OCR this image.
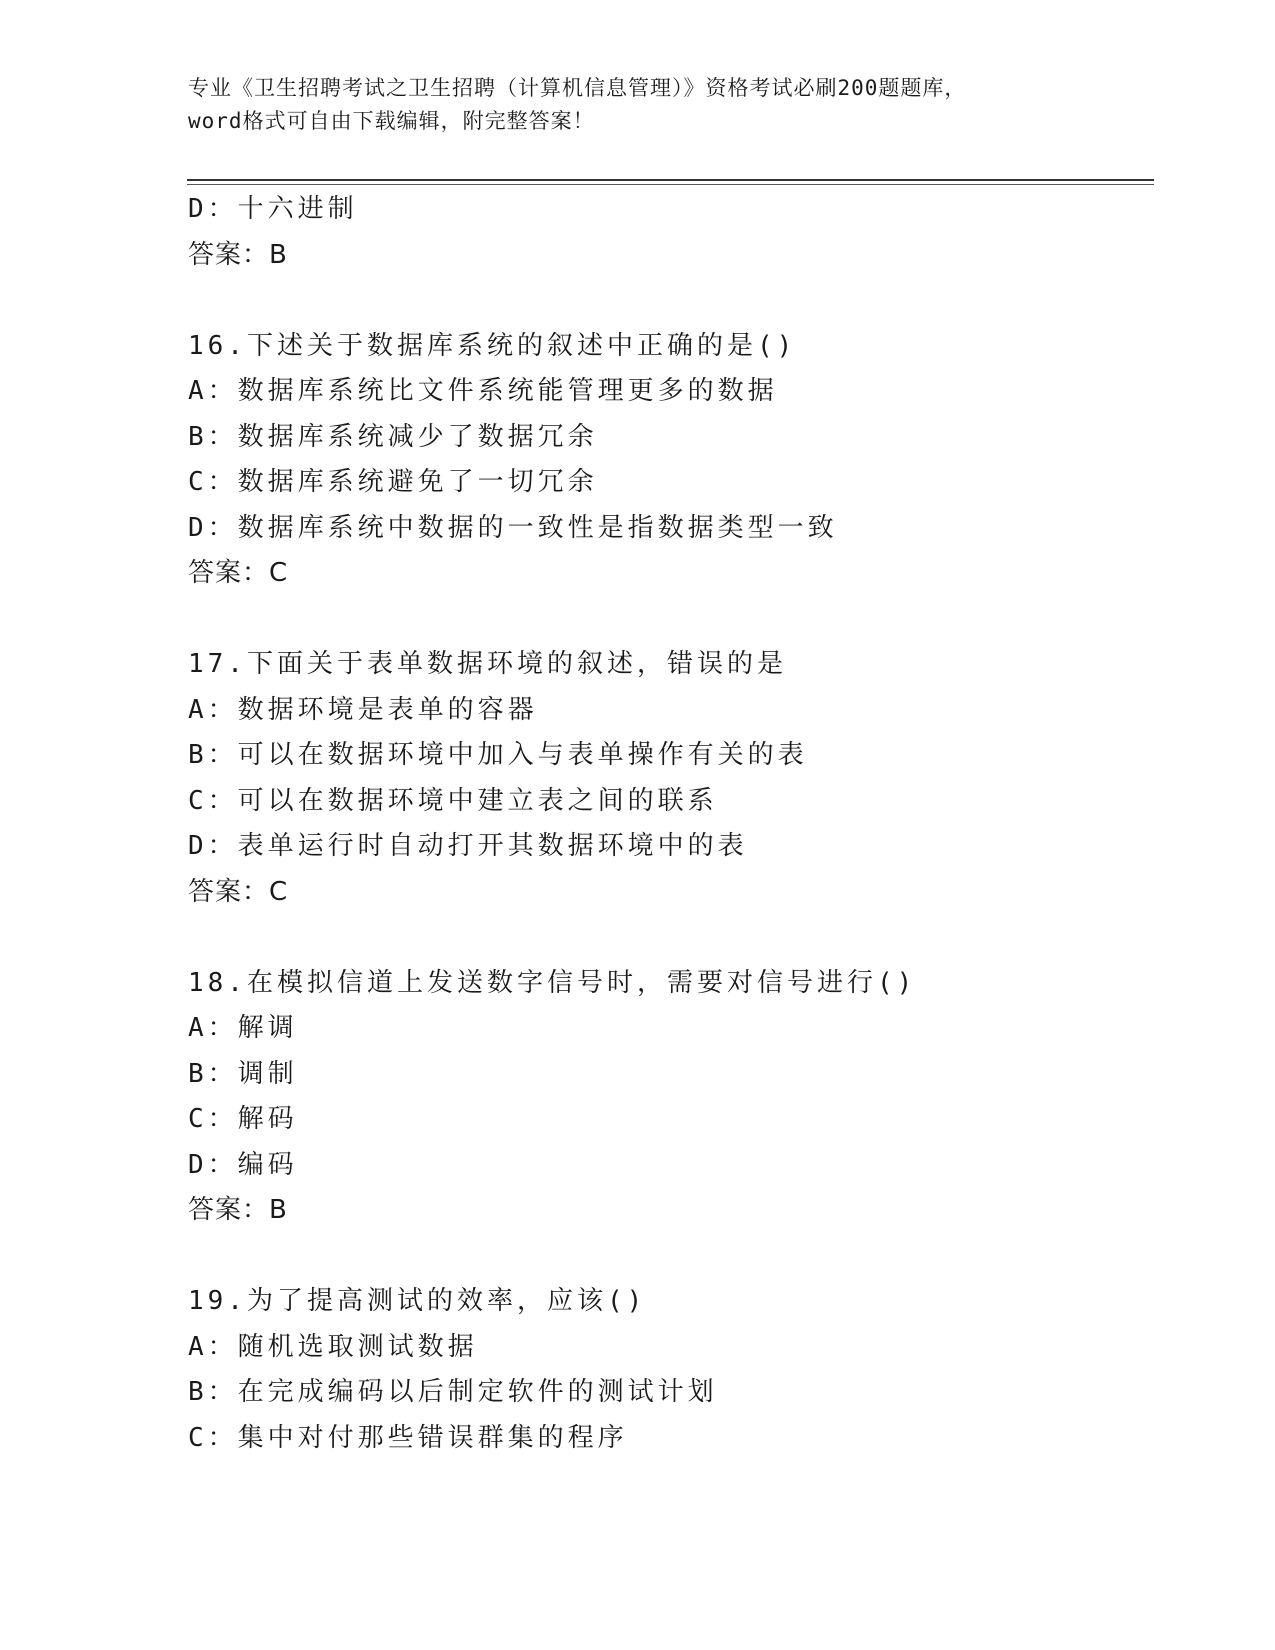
专业《卫生招聘考试之卫生招聘（计算机信息管理）》资格考试必刷200题题库，
word格式可自由下载编辑，附完整答案！
D：十六进制
答案：B
16.下述关于数据库系统的叙述中正确的是()
A：数据库系统比文件系统能管理更多的数据
B：数据库系统减少了数据冗余
C：数据库系统避免了一切冗余
D：数据库系统中数据的一致性是指数据类型一致
答案：C
17.下面关于表单数据环境的叙述，错误的是
A：数据环境是表单的容器
B：可以在数据环境中加入与表单操作有关的表
C：可以在数据环境中建立表之间的联系
D：表单运行时自动打开其数据环境中的表
答案：C
18.在模拟信道上发送数字信号时，需要对信号进行()
A：解调
B：调制
C：解码
D：编码
答案：B
19.为了提高测试的效率，应该()
A：随机选取测试数据
B：在完成编码以后制定软件的测试计划
C：集中对付那些错误群集的程序
